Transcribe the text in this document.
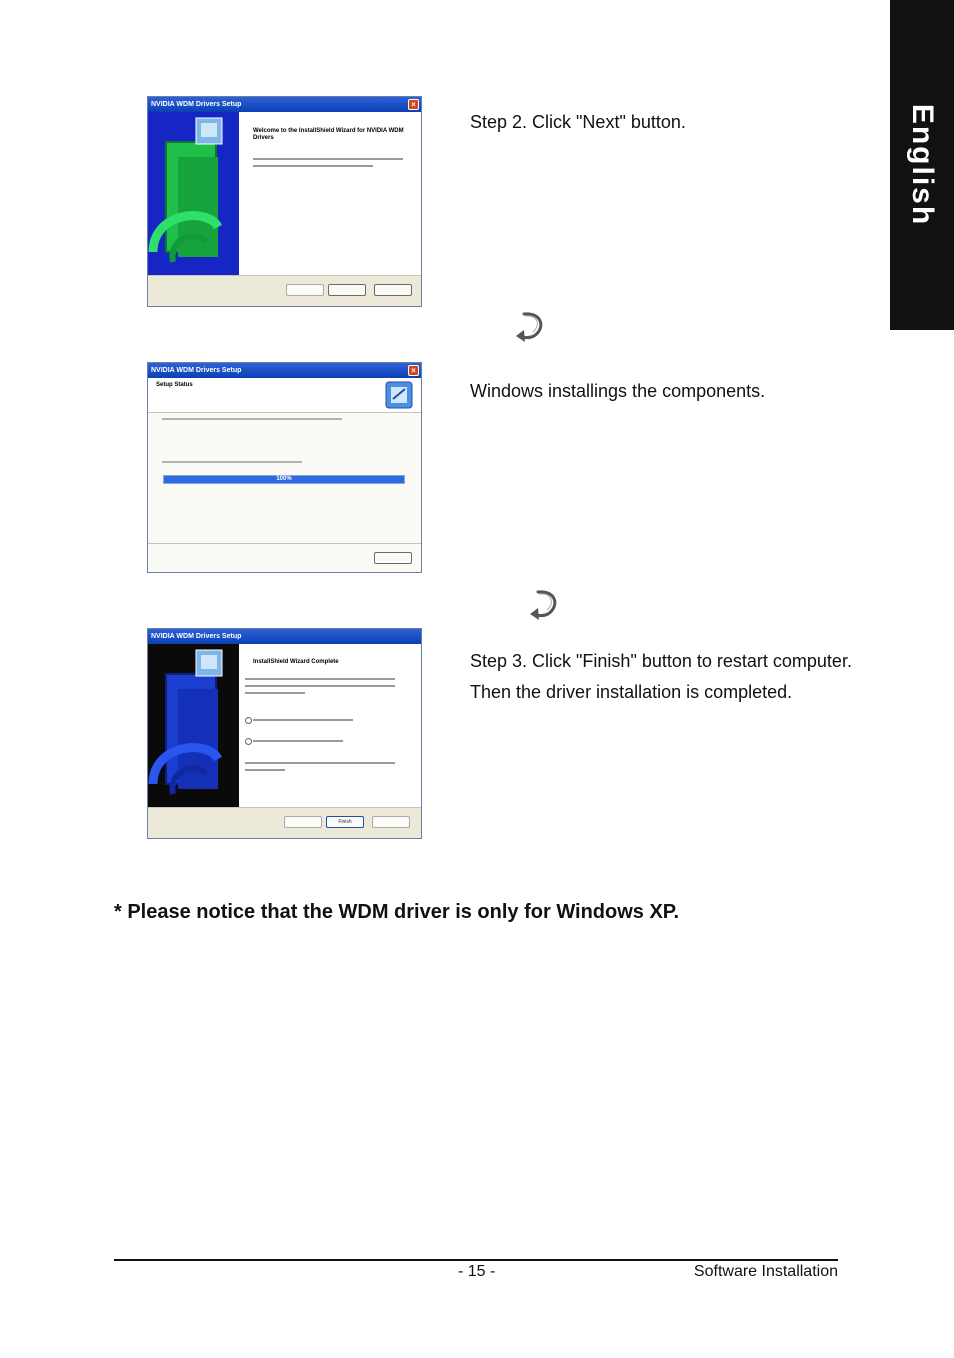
English
NVIDIA WDM Drivers Setup	×
Welcome to the InstallShield Wizard for NVIDIA WDM Drivers
Step 2. Click "Next" button.
NVIDIA WDM Drivers Setup	×
Setup Status
100%
Windows installings the components.
NVIDIA WDM Drivers Setup
InstallShield Wizard Complete
Finish
Step 3. Click "Finish" button to restart computer.
Then the driver installation is completed.
* Please notice that the WDM driver is only for Windows XP.
- 15 -	Software Installation
